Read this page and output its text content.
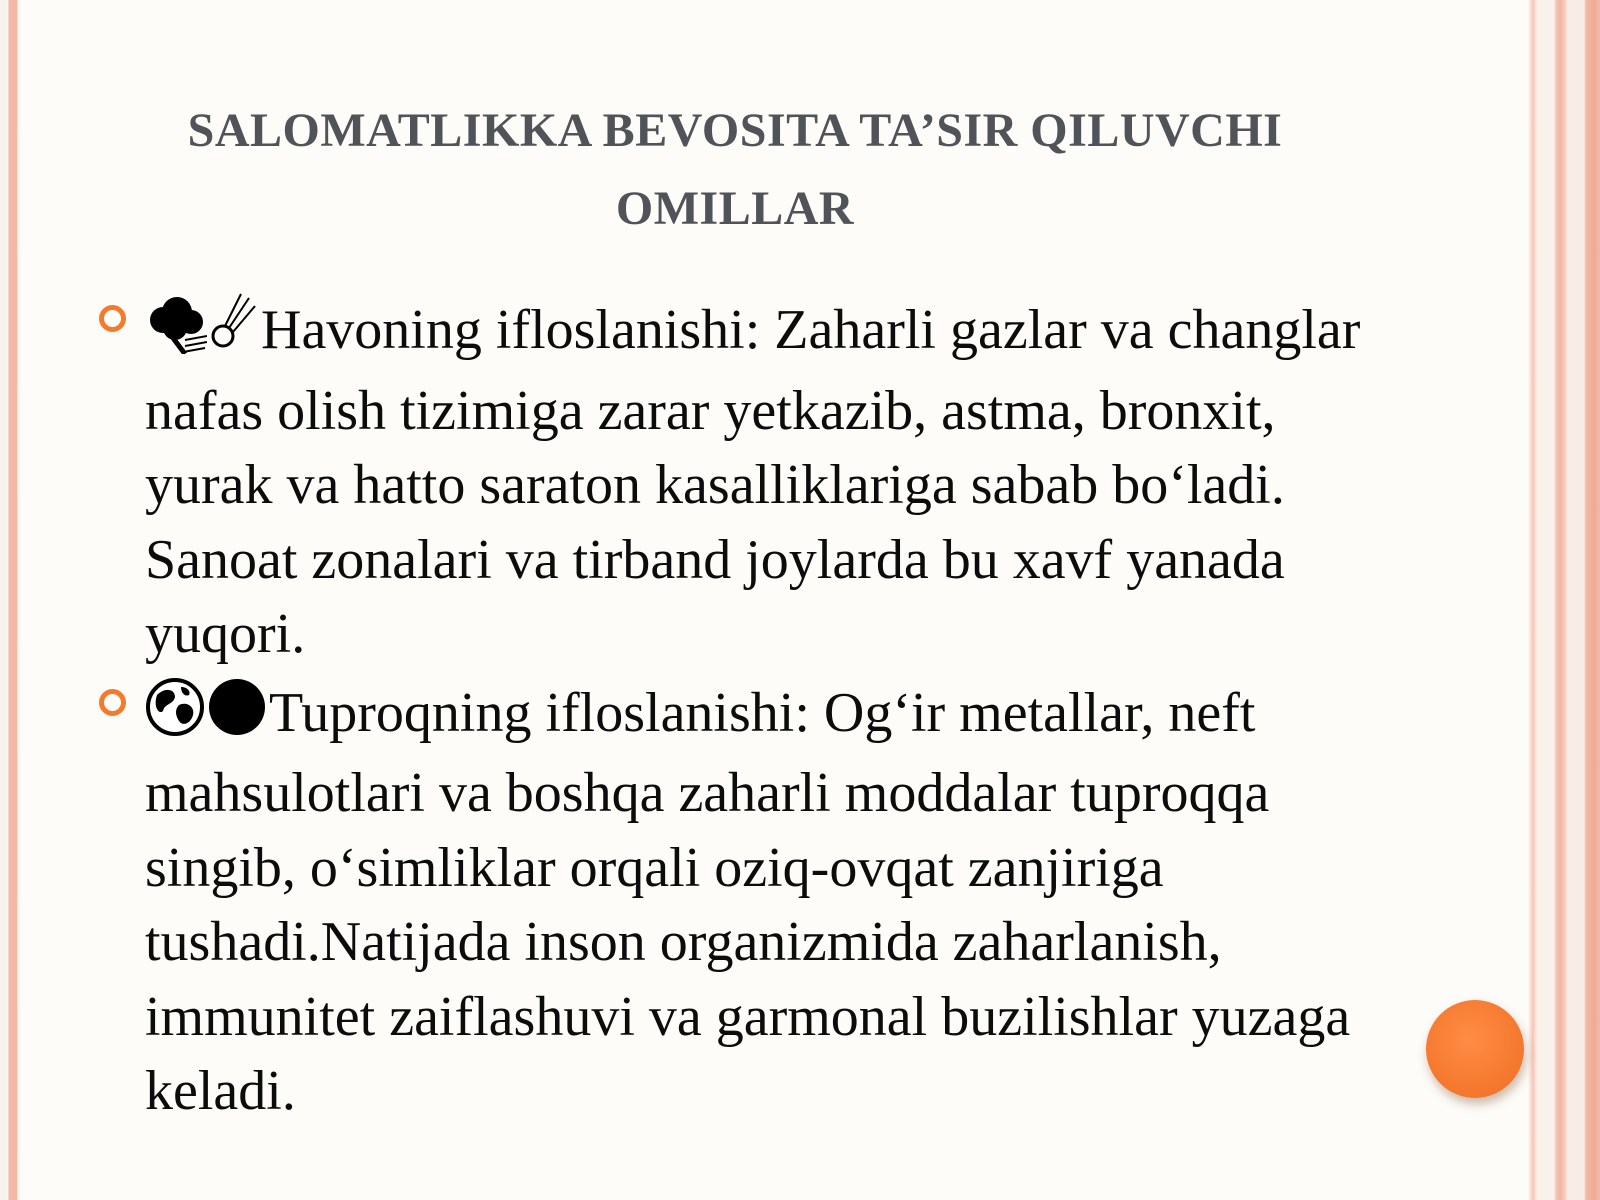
SALOMATLIKKA BEVOSITA TA’SIR QILUVCHI
OMILLAR
Havoning ifloslanishi: Zaharli gazlar va changlar nafas olish tizimiga zarar yetkazib, astma, bronxit, yurak va hatto saraton kasalliklariga sabab bo‘ladi. Sanoat zonalari va tirband joylarda bu xavf yanada yuqori.
Tuproqning ifloslanishi: Og‘ir metallar, neft mahsulotlari va boshqa zaharli moddalar tuproqqa singib, o‘simliklar orqali oziq-ovqat zanjiriga tushadi.Natijada inson organizmida zaharlanish, immunitet zaiflashuvi va garmonal buzilishlar yuzaga keladi.
